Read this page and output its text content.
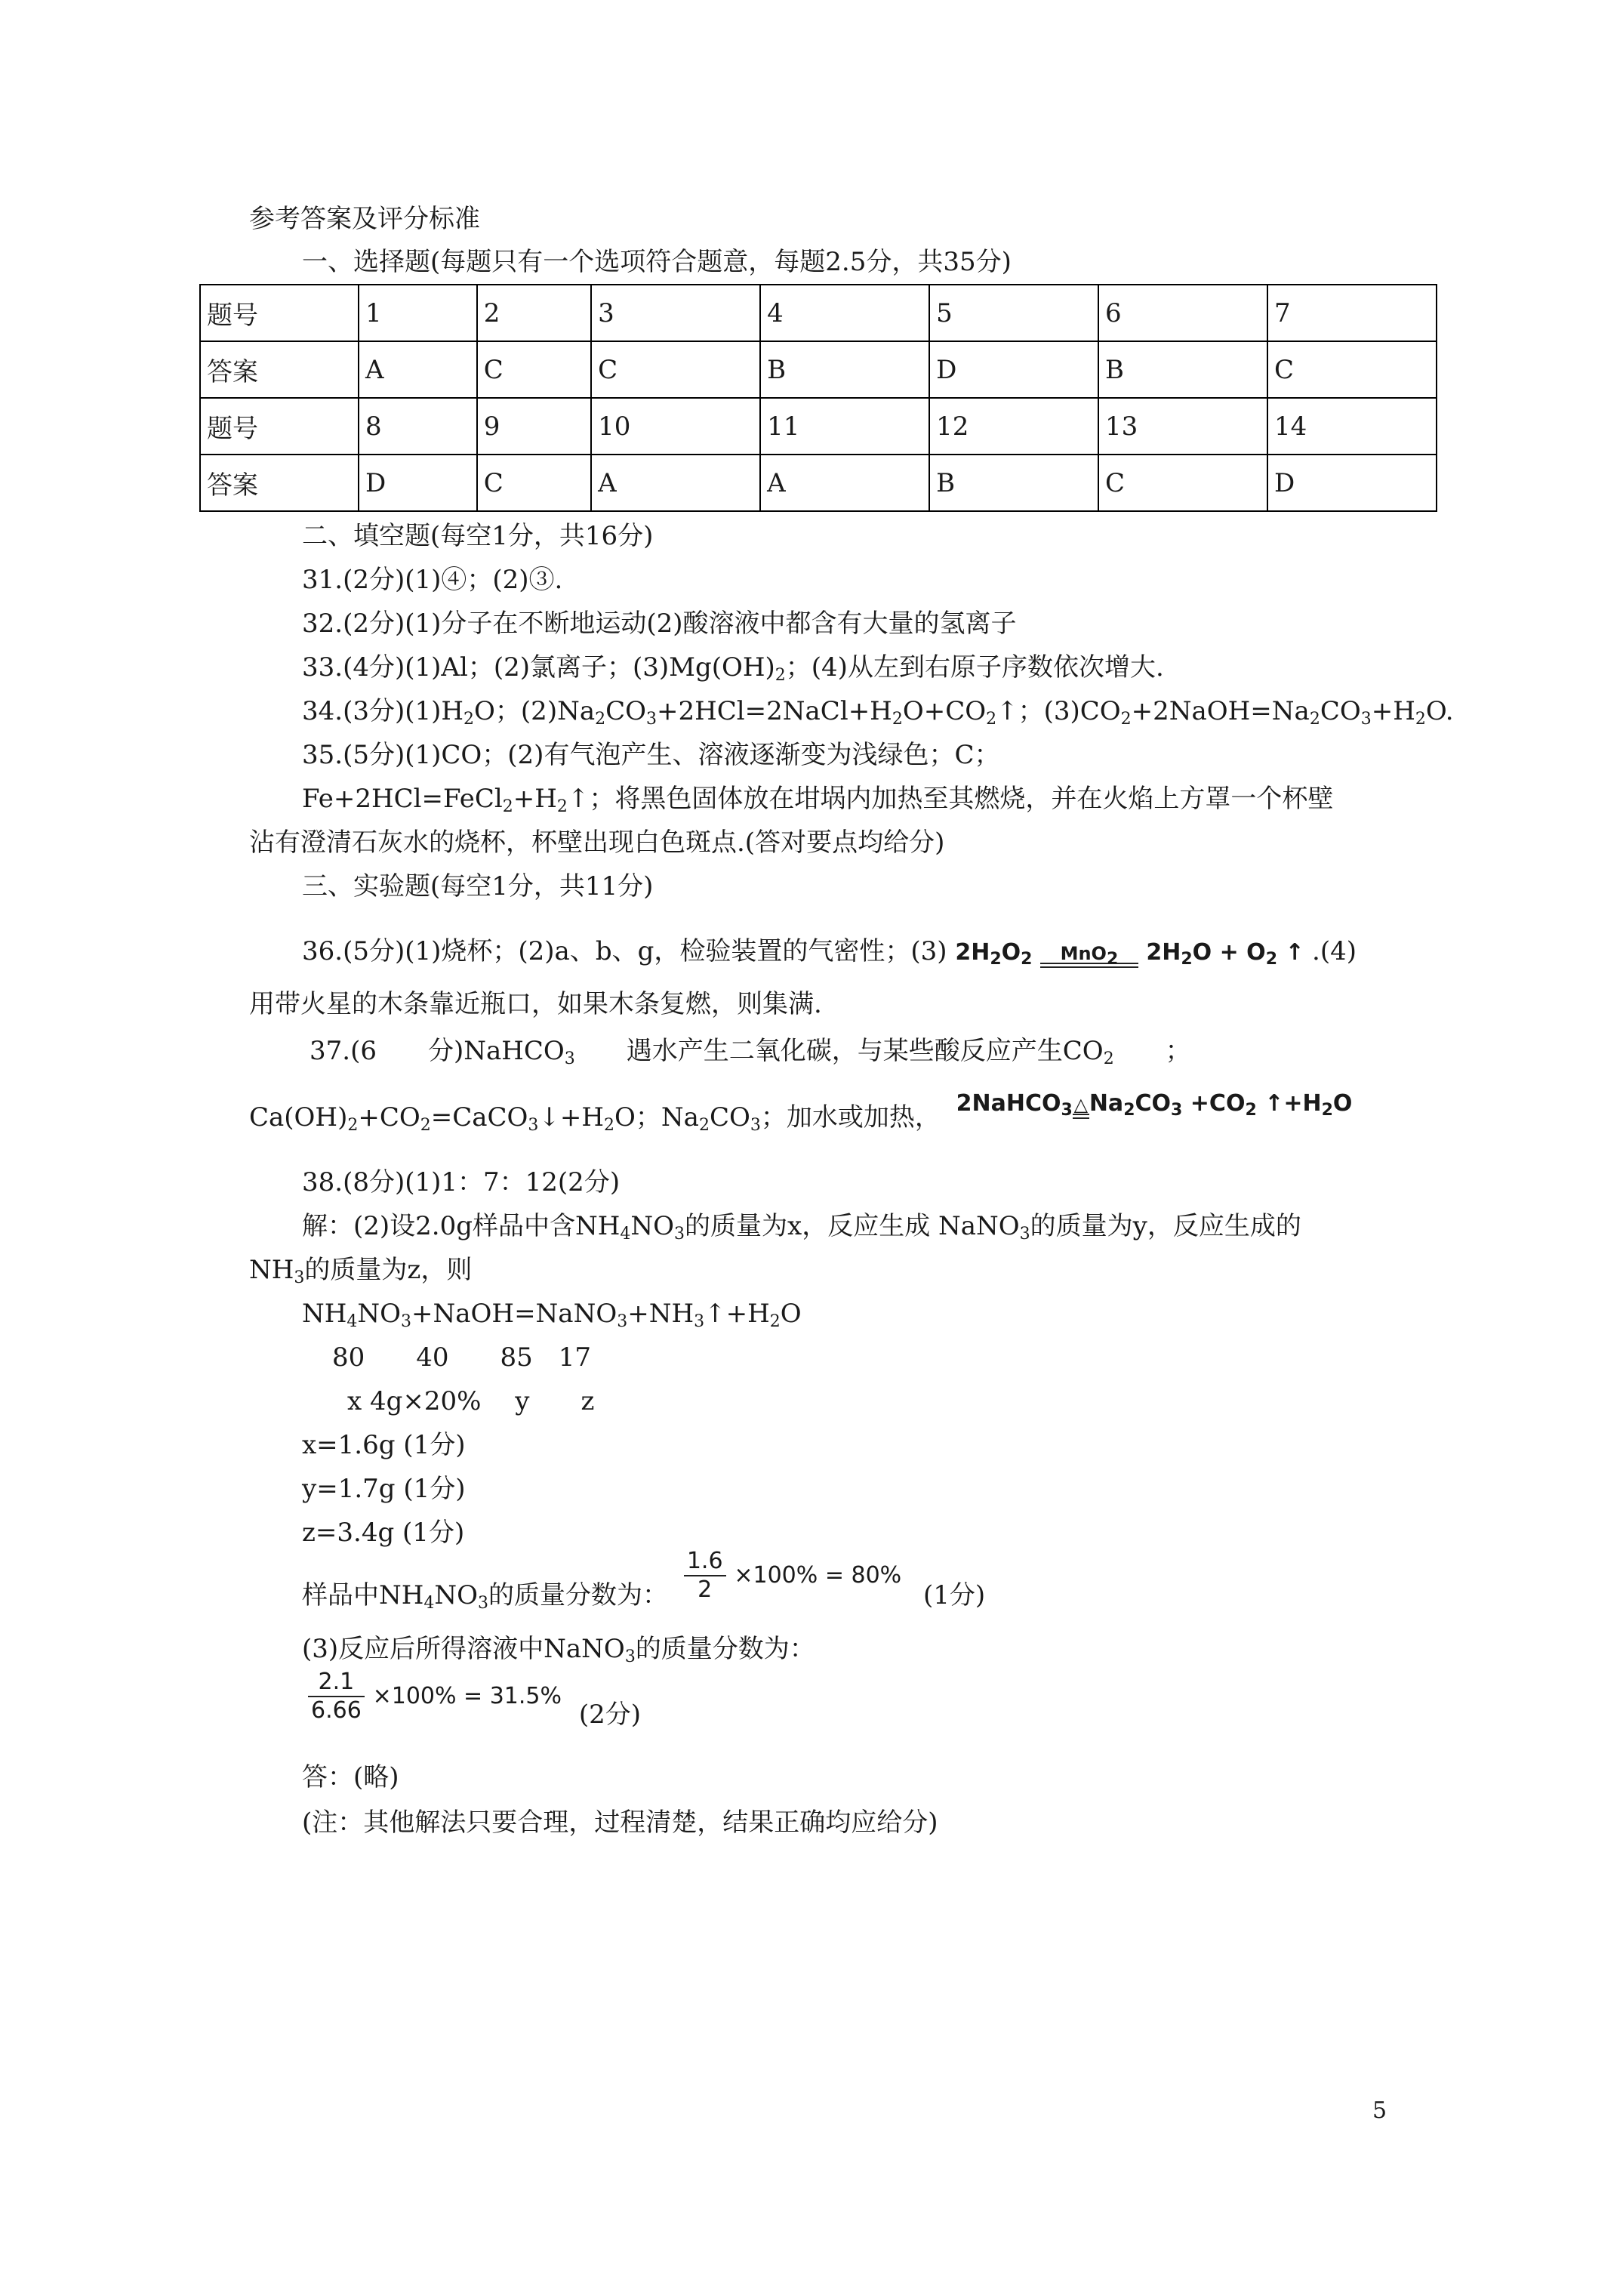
参考答案及评分标准
一、选择题(每题只有一个选项符合题意，每题2.5分，共35分)
题号	1	2	3	4	5	6	7
答案	A	C	C	B	D	B	C
题号	8	9	10	11	12	13	14
答案	D	C	A	A	B	C	D
二、填空题(每空1分，共16分)
31.(2分)(1)④；(2)③.
32.(2分)(1)分子在不断地运动(2)酸溶液中都含有大量的氢离子
33.(4分)(1)Al；(2)氯离子；$(3)Mg(OH)_2$；(4)从左到右原子序数依次增大.
34.(3分)$(1)H_2O$；$(2)Na_2CO_3+2HCl=2NaCl+H_2O+CO_2↑$；$(3)CO_2+2NaOH=Na_2CO_3+H_2O$.
35.(5分)(1)CO；(2)有气泡产生、溶液逐渐变为浅绿色；C；
$Fe+2HCl=FeCl_2+H_2↑$；将黑色固体放在坩埚内加热至其燃烧，并在火焰上方罩一个杯壁
沾有澄清石灰水的烧杯，杯壁出现白色斑点.(答对要点均给分)
三、实验题(每空1分，共11分)
36.(5分)(1)烧杯；(2)a、b、g，检验装置的气密性；(3) $2H_2O_2$	MnO$_2$	$2H_2O + O_2$ ↑ .(4)
用带火星的木条靠近瓶口，如果木条复燃，则集满.
37.(6　　分)NaHCO$_3$　　遇水产生二氧化碳，与某些酸反应产生$CO_2$　　；
$Ca(OH)_2+CO_2=CaCO_3↓+H_2O$；$Na_2CO_3$；加水或加热， 2NaHCO$_3$ △ $Na_2CO_3 +CO_2$ $↑+H_2O$
38.(8分)(1)1：7：12(2分)
解：(2)设2.0g样品中含$NH_4NO_3$的质量为x，反应生成 NaNO$_3$的质量为y，反应生成的
$NH_3$的质量为z，则
$NH_4NO_3+NaOH=NaNO_3+NH_3↑+H_2O$
80　　40　　85　17
x 4g×20%　 y　　z
x=1.6g (1分)
y=1.7g (1分)
z=3.4g (1分)
样品中$NH_4NO_3$的质量分数为： $\frac{1.6}{2} \times 100\% = 80\%$ (1分)
(3)反应后所得溶液中NaNO$_3$的质量分数为：
$\frac{2.1}{6.66} \times 100\% = 31.5\%$ (2分)
答：(略)
(注：其他解法只要合理，过程清楚，结果正确均应给分)
5
